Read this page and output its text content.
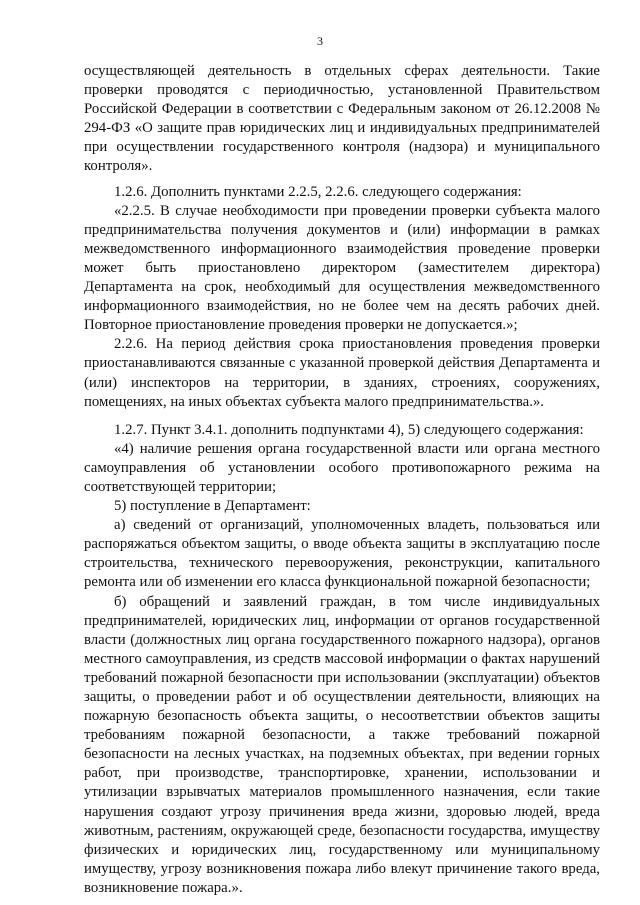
3

осуществляющей деятельность в отдельных сферах деятельности. Такие проверки проводятся с периодичностью, установленной Правительством Российской Федерации в соответствии с Федеральным законом от 26.12.2008 № 294-ФЗ «О защите прав юридических лиц и индивидуальных предпринимателей при осуществлении государственного контроля (надзора) и муниципального контроля».

1.2.6. Дополнить пунктами 2.2.5, 2.2.6. следующего содержания:

«2.2.5. В случае необходимости при проведении проверки субъекта малого предпринимательства получения документов и (или) информации в рамках межведомственного информационного взаимодействия проведение проверки может быть приостановлено директором (заместителем директора) Департамента на срок, необходимый для осуществления межведомственного информационного взаимодействия, но не более чем на десять рабочих дней. Повторное приостановление проведения проверки не допускается.»;

2.2.6. На период действия срока приостановления проведения проверки приостанавливаются связанные с указанной проверкой действия Департамента и (или) инспекторов на территории, в зданиях, строениях, сооружениях, помещениях, на иных объектах субъекта малого предпринимательства.».

1.2.7. Пункт 3.4.1. дополнить подпунктами 4), 5) следующего содержания:

«4) наличие решения органа государственной власти или органа местного самоуправления об установлении особого противопожарного режима на соответствующей территории;

5) поступление в Департамент:

а) сведений от организаций, уполномоченных владеть, пользоваться или распоряжаться объектом защиты, о вводе объекта защиты в эксплуатацию после строительства, технического перевооружения, реконструкции, капитального ремонта или об изменении его класса функциональной пожарной безопасности;

б) обращений и заявлений граждан, в том числе индивидуальных предпринимателей, юридических лиц, информации от органов государственной власти (должностных лиц органа государственного пожарного надзора), органов местного самоуправления, из средств массовой информации о фактах нарушений требований пожарной безопасности при использовании (эксплуатации) объектов защиты, о проведении работ и об осуществлении деятельности, влияющих на пожарную безопасность объекта защиты, о несоответствии объектов защиты требованиям пожарной безопасности, а также требований пожарной безопасности на лесных участках, на подземных объектах, при ведении горных работ, при производстве, транспортировке, хранении, использовании и утилизации взрывчатых материалов промышленного назначения, если такие нарушения создают угрозу причинения вреда жизни, здоровью людей, вреда животным, растениям, окружающей среде, безопасности государства, имуществу физических и юридических лиц, государственному или муниципальному имуществу, угрозу возникновения пожара либо влекут причинение такого вреда, возникновение пожара.».
